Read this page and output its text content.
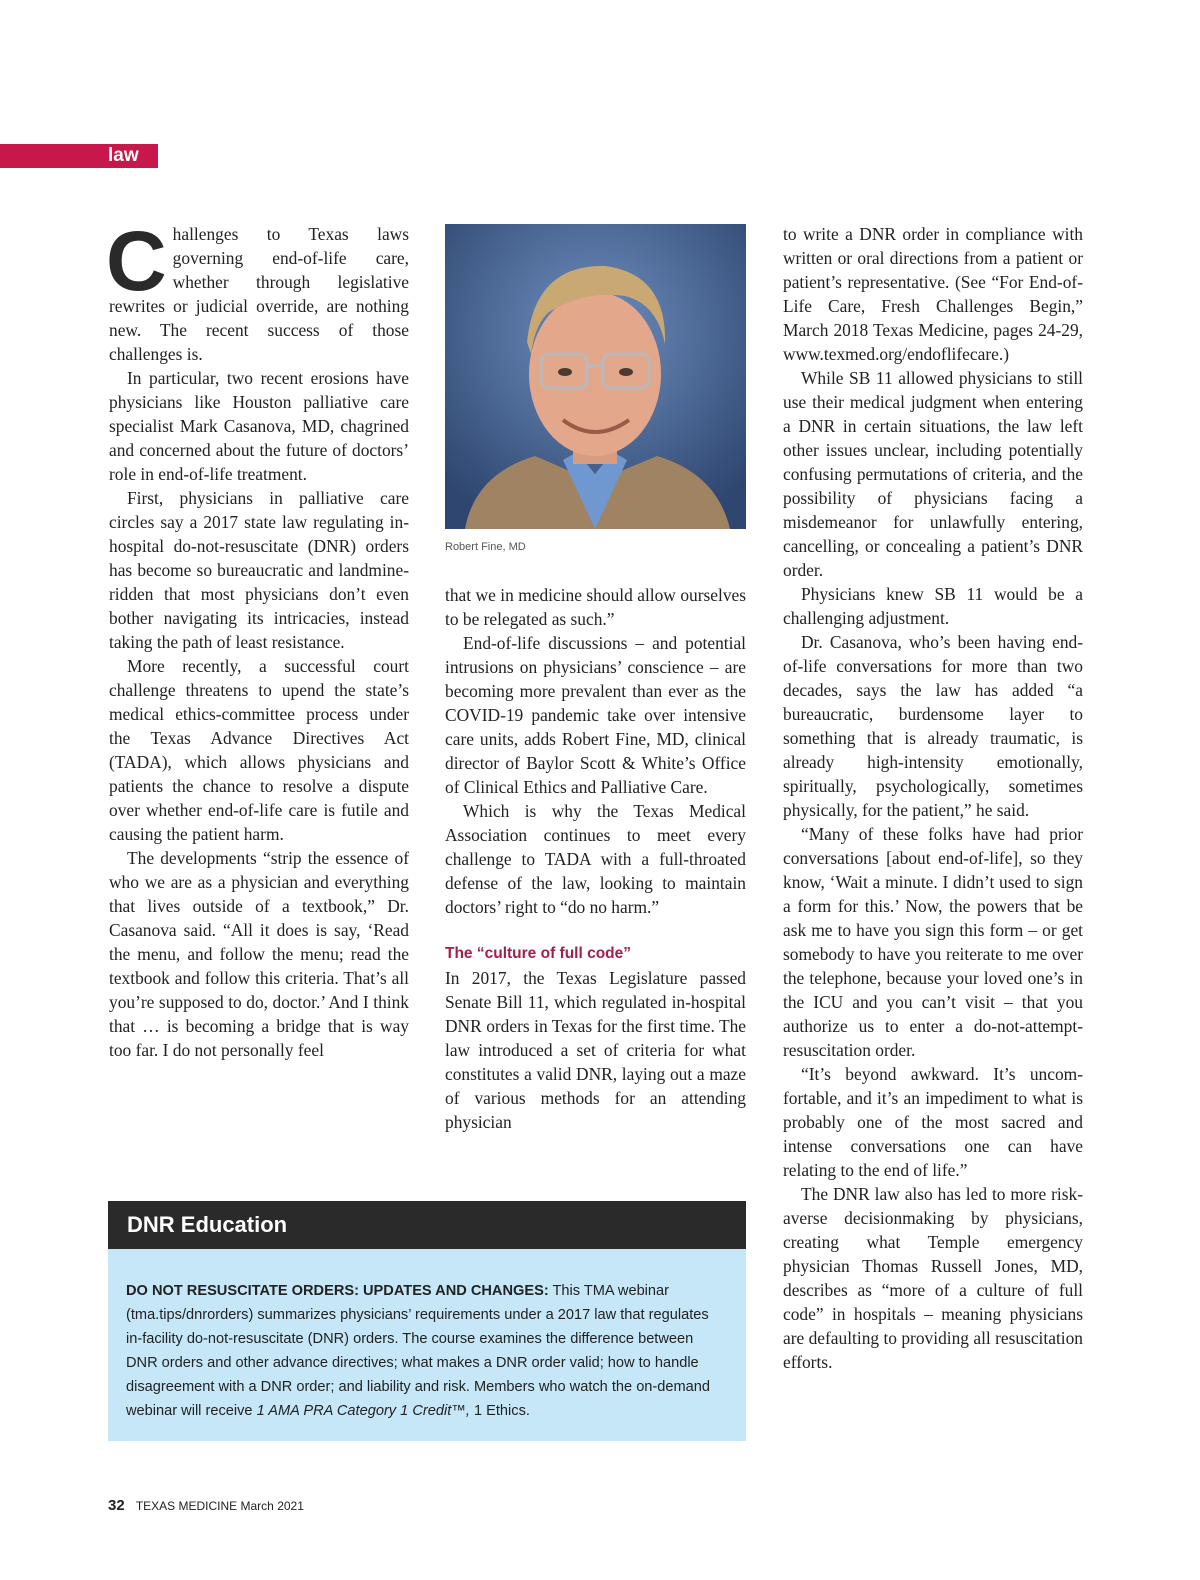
law
C hallenges to Texas laws governing end-of-life care, whether through legislative rewrites or judicial override, are nothing new. The recent success of those challenges is.

In particular, two recent erosions have physicians like Houston palliative care specialist Mark Casanova, MD, chagrined and concerned about the future of doctors’ role in end-of-life treatment.

First, physicians in palliative care circles say a 2017 state law regulating in-hospital do-not-resuscitate (DNR) orders has become so bureaucratic and landmine-ridden that most physicians don’t even bother navigating its intricacies, instead taking the path of least resistance.

More recently, a successful court challenge threatens to upend the state’s medical ethics-committee process under the Texas Advance Directives Act (TADA), which allows physicians and patients the chance to resolve a dispute over whether end-of-life care is futile and causing the patient harm.

The developments “strip the essence of who we are as a physician and everything that lives outside of a textbook,” Dr. Casanova said. “All it does is say, ‘Read the menu, and follow the menu; read the textbook and follow this criteria. That’s all you’re supposed to do, doctor.’ And I think that … is becoming a bridge that is way too far. I do not personally feel

Robert Fine, MD

that we in medicine should allow ourselves to be relegated as such.”

End-of-life discussions – and potential intrusions on physicians’ conscience – are becoming more prevalent than ever as the COVID-19 pandemic take over intensive care units, adds Robert Fine, MD, clinical director of Baylor Scott & White’s Office of Clinical Ethics and Palliative Care.

Which is why the Texas Medical Association continues to meet every challenge to TADA with a full-throated defense of the law, looking to maintain doctors’ right to “do no harm.”

The “culture of full code”

In 2017, the Texas Legislature passed Senate Bill 11, which regulated in-hospital DNR orders in Texas for the first time. The law introduced a set of criteria for what constitutes a valid DNR, laying out a maze of various methods for an attending physician

to write a DNR order in compliance with written or oral directions from a patient or patient’s representative. (See “For End-of-Life Care, Fresh Challenges Begin,” March 2018 Texas Medicine, pages 24-29, www.texmed.org/endoflifecare.)

While SB 11 allowed physicians to still use their medical judgment when entering a DNR in certain situations, the law left other issues unclear, including potentially confusing permutations of criteria, and the possibility of physicians facing a misdemeanor for unlawfully entering, cancelling, or concealing a patient’s DNR order.

Physicians knew SB 11 would be a challenging adjustment.

Dr. Casanova, who’s been having end-of-life conversations for more than two decades, says the law has added “a bureaucratic, burdensome layer to something that is already traumatic, is already high-intensity emotionally, spiritually, psychologically, sometimes physically, for the patient,” he said.

“Many of these folks have had prior conversations [about end-of-life], so they know, ‘Wait a minute. I didn’t used to sign a form for this.’ Now, the powers that be ask me to have you sign this form – or get somebody to have you reiterate to me over the telephone, because your loved one’s in the ICU and you can’t visit – that you authorize us to enter a do-not-attempt-resuscitation order.

“It’s beyond awkward. It’s uncomfortable, and it’s an impediment to what is probably one of the most sacred and intense conversations one can have relating to the end of life.”

The DNR law also has led to more risk-averse decisionmaking by physicians, creating what Temple emergency physician Thomas Russell Jones, MD, describes as “more of a culture of full code” in hospitals – meaning physicians are defaulting to providing all resuscitation efforts.

DNR Education
DO NOT RESUSCITATE ORDERS: UPDATES AND CHANGES: This TMA webinar (tma.tips/dnrorders) summarizes physicians’ requirements under a 2017 law that regulates in-facility do-not-resuscitate (DNR) orders. The course examines the difference between DNR orders and other advance directives; what makes a DNR order valid; how to handle disagreement with a DNR order; and liability and risk. Members who watch the on-demand webinar will receive 1 AMA PRA Category 1 Credit™, 1 Ethics.
32 TEXAS MEDICINE March 2021
